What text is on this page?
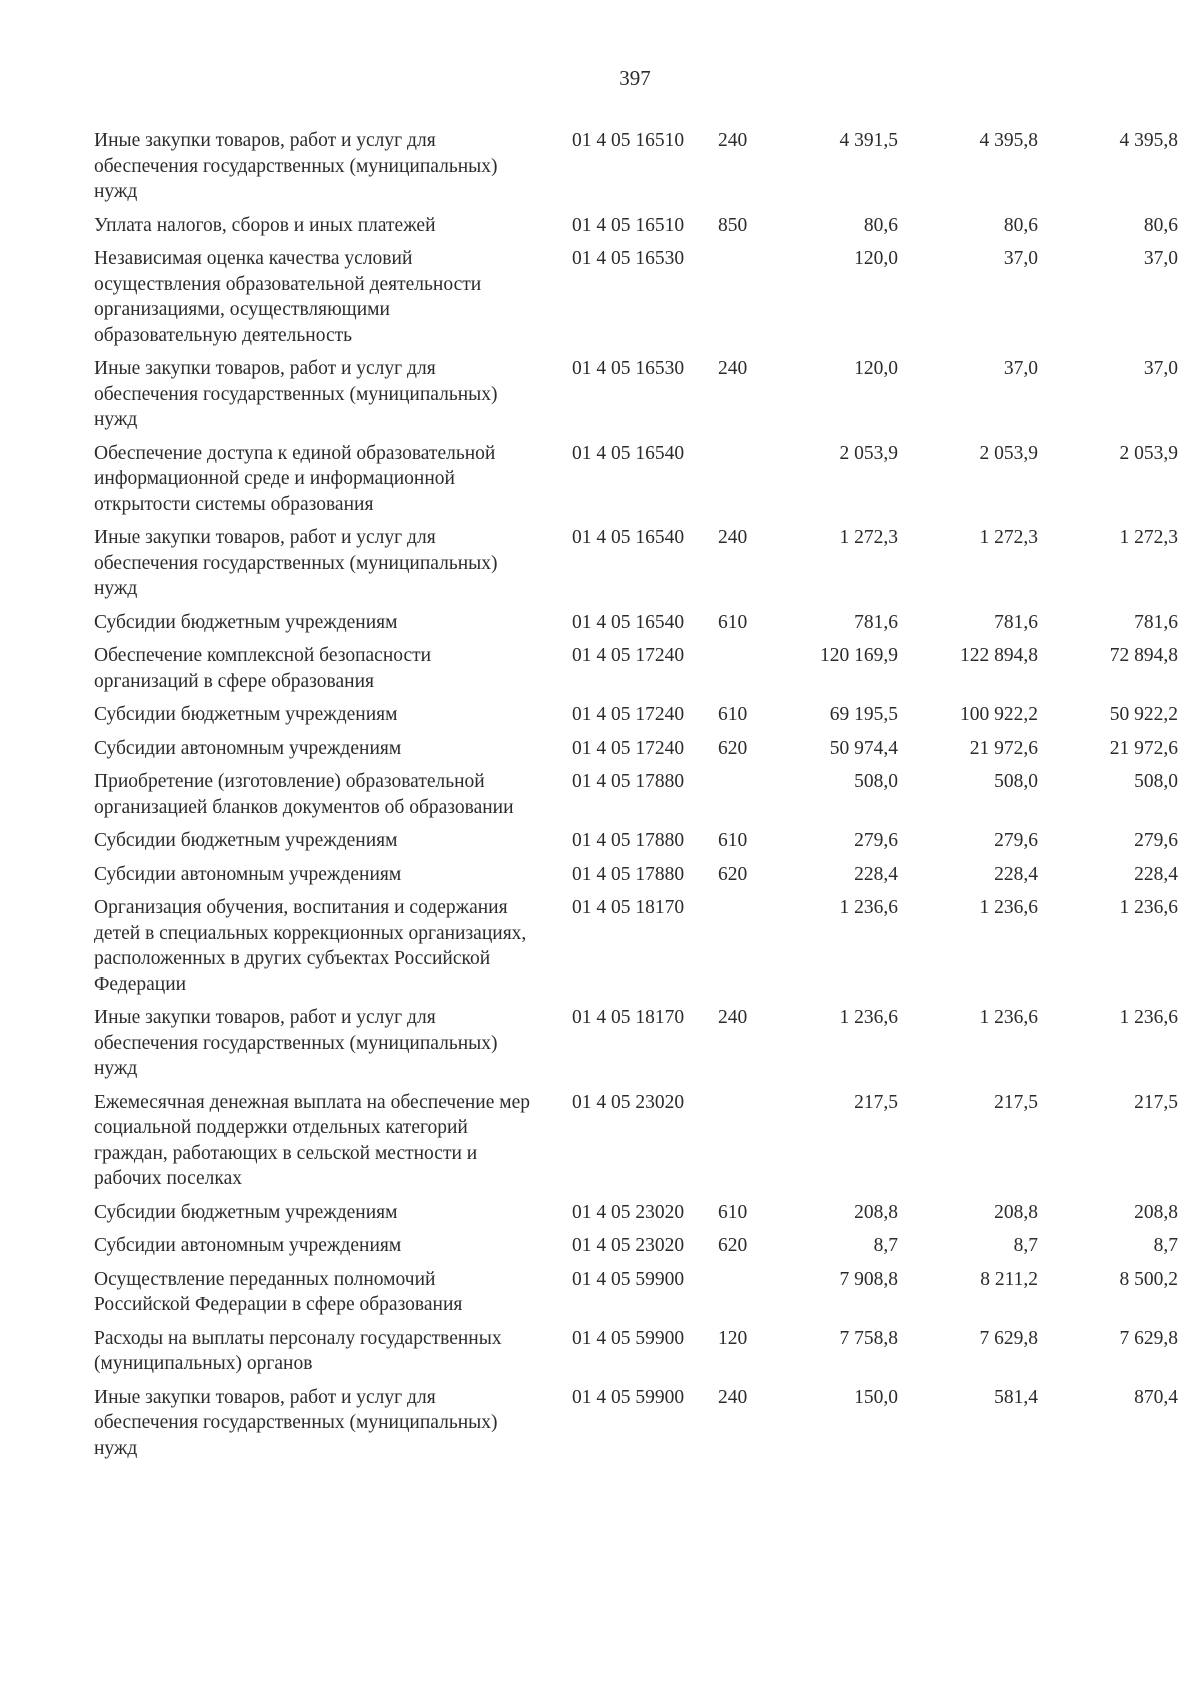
397
Иные закупки товаров, работ и услуг для обеспечения государственных (муниципальных) нужд	01 4 05 16510	240	4 391,5	4 395,8	4 395,8
Уплата налогов, сборов и иных платежей	01 4 05 16510	850	80,6	80,6	80,6
Независимая оценка качества условий осуществления образовательной деятельности организациями, осуществляющими образовательную деятельность	01 4 05 16530		120,0	37,0	37,0
Иные закупки товаров, работ и услуг для обеспечения государственных (муниципальных) нужд	01 4 05 16530	240	120,0	37,0	37,0
Обеспечение доступа к единой образовательной информационной среде и информационной открытости системы образования	01 4 05 16540		2 053,9	2 053,9	2 053,9
Иные закупки товаров, работ и услуг для обеспечения государственных (муниципальных) нужд	01 4 05 16540	240	1 272,3	1 272,3	1 272,3
Субсидии бюджетным учреждениям	01 4 05 16540	610	781,6	781,6	781,6
Обеспечение комплексной безопасности организаций в сфере образования	01 4 05 17240		120 169,9	122 894,8	72 894,8
Субсидии бюджетным учреждениям	01 4 05 17240	610	69 195,5	100 922,2	50 922,2
Субсидии автономным учреждениям	01 4 05 17240	620	50 974,4	21 972,6	21 972,6
Приобретение (изготовление) образовательной организацией бланков документов об образовании	01 4 05 17880		508,0	508,0	508,0
Субсидии бюджетным учреждениям	01 4 05 17880	610	279,6	279,6	279,6
Субсидии автономным учреждениям	01 4 05 17880	620	228,4	228,4	228,4
Организация обучения, воспитания и содержания детей в специальных коррекционных организациях, расположенных в других субъектах Российской Федерации	01 4 05 18170		1 236,6	1 236,6	1 236,6
Иные закупки товаров, работ и услуг для обеспечения государственных (муниципальных) нужд	01 4 05 18170	240	1 236,6	1 236,6	1 236,6
Ежемесячная денежная выплата на обеспечение мер социальной поддержки отдельных категорий граждан, работающих в сельской местности и рабочих поселках	01 4 05 23020		217,5	217,5	217,5
Субсидии бюджетным учреждениям	01 4 05 23020	610	208,8	208,8	208,8
Субсидии автономным учреждениям	01 4 05 23020	620	8,7	8,7	8,7
Осуществление переданных полномочий Российской Федерации в сфере образования	01 4 05 59900		7 908,8	8 211,2	8 500,2
Расходы на выплаты персоналу государственных (муниципальных) органов	01 4 05 59900	120	7 758,8	7 629,8	7 629,8
Иные закупки товаров, работ и услуг для обеспечения государственных (муниципальных) нужд	01 4 05 59900	240	150,0	581,4	870,4
